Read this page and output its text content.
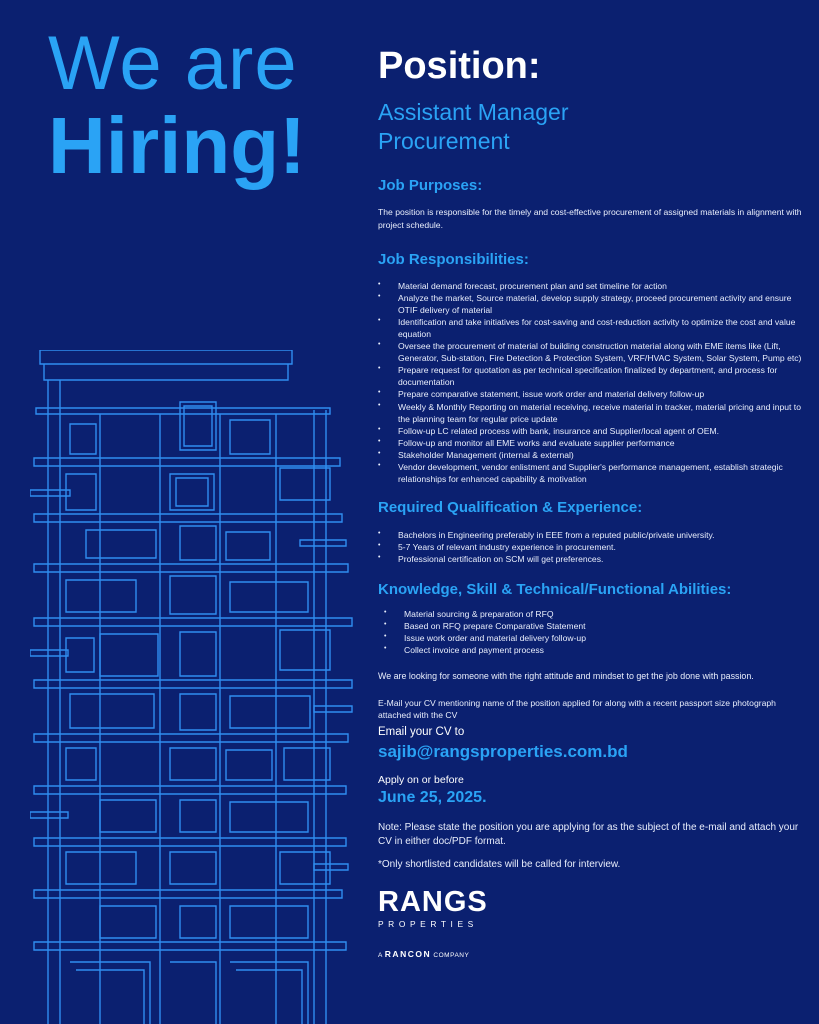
We are
Hiring!
Position:
Assistant Manager
Procurement
Job Purposes:

The position is responsible for the timely and cost-effective procurement of assigned materials in alignment with project schedule.

Job Responsibilities:
• Material demand forecast, procurement plan and set timeline for action
• Analyze the market, Source material, develop supply strategy, proceed procurement activity and ensure OTIF delivery of material
• Identification and take initiatives for cost-saving and cost-reduction activity to optimize the cost and value equation
• Oversee the procurement of material of building construction material along with EME items like (Lift, Generator, Sub-station, Fire Detection & Protection System, VRF/HVAC System, Solar System, Pump etc)
• Prepare request for quotation as per technical specification finalized by department, and process for documentation
• Prepare comparative statement, issue work order and material delivery follow-up
• Weekly & Monthly Reporting on material receiving, receive material in tracker, material pricing and input to the planning team for regular price update
• Follow-up LC related process with bank, insurance and Supplier/local agent of OEM.
• Follow-up and monitor all EME works and evaluate supplier performance
• Stakeholder Management (internal & external)
• Vendor development, vendor enlistment and Supplier's performance management, establish strategic relationships for enhanced capability & motivation
Required Qualification & Experience:
• Bachelors in Engineering preferably in EEE from a reputed public/private university.
• 5-7 Years of relevant industry experience in procurement.
• Professional certification on SCM will get preferences.
Knowledge, Skill & Technical/Functional Abilities:
• Material sourcing & preparation of RFQ
• Based on RFQ prepare Comparative Statement
• Issue work order and material delivery follow-up
• Collect invoice and payment process

We are looking for someone with the right attitude and mindset to get the job done with passion.

E-Mail your CV mentioning name of the position applied for along with a recent passport size photograph attached with the CV

Email your CV to
sajib@rangsproperties.com.bd
Apply on or before
June 25, 2025.
Note: Please state the position you are applying for as the subject of the e-mail and attach your CV in either doc/PDF format.
*Only shortlisted candidates will be called for interview.
RANGS
PROPERTIES
A RANCON COMPANY
